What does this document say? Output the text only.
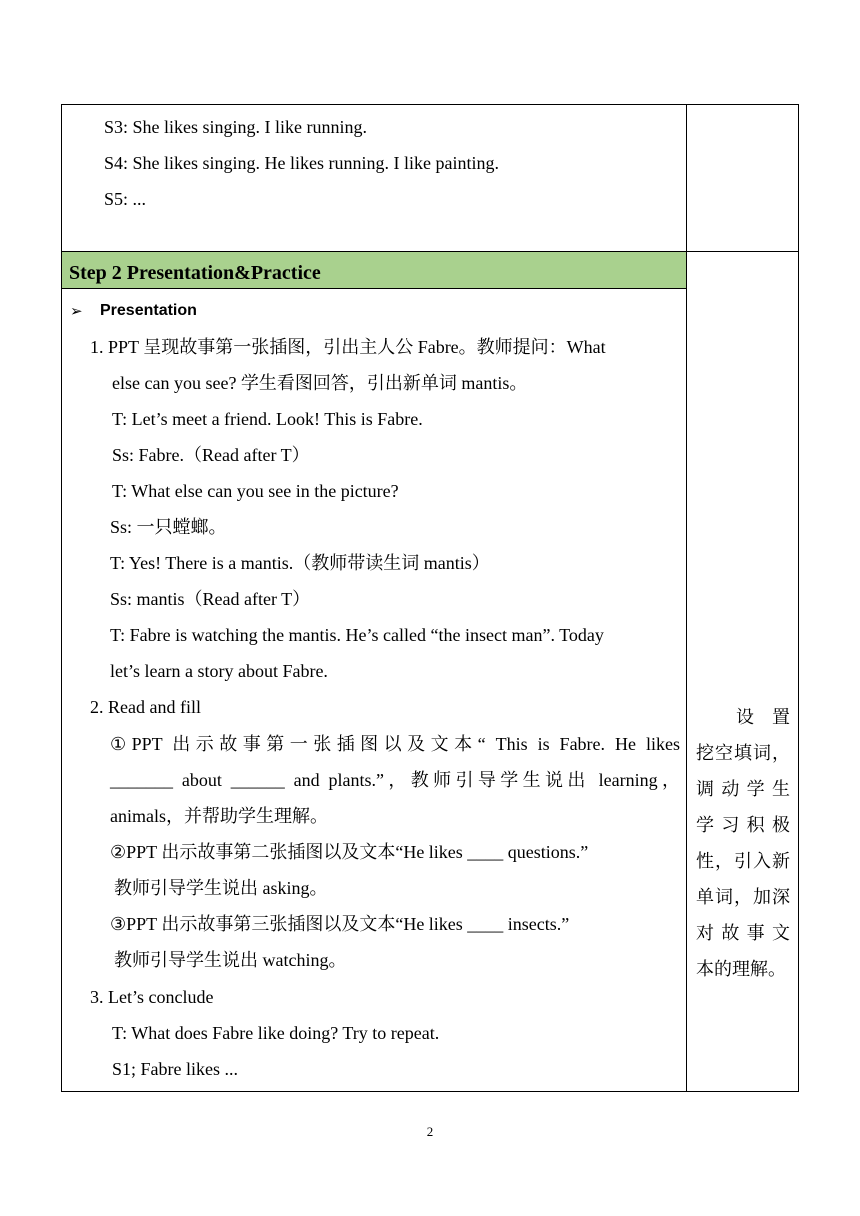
S3: She likes singing. I like running.
S4: She likes singing. He likes running. I like painting.
S5: ...
Step 2 Presentation&Practice
➢ Presentation
1. PPT 呈现故事第一张插图，引出主人公 Fabre。教师提问：What
else can you see? 学生看图回答，引出新单词 mantis。
T: Let’s meet a friend. Look! This is Fabre.
Ss: Fabre.（Read after T）
T: What else can you see in the picture?
Ss: 一只螳螂。
T: Yes! There is a mantis.（教师带读生词 mantis）
Ss: mantis（Read after T）
T: Fabre is watching the mantis. He’s called “the insect man”. Today
let’s learn a story about Fabre.
2. Read and fill
①PPT 出示故事第一张插图以及文本“ This is Fabre. He likes
_______ about ______ and plants.”，教师引导学生说出 learning，
animals，并帮助学生理解。
②PPT 出示故事第二张插图以及文本“He likes ____ questions.”
教师引导学生说出 asking。
③PPT 出示故事第三张插图以及文本“He likes ____ insects.”
教师引导学生说出 watching。
3. Let’s conclude
T: What does Fabre like doing? Try to repeat.
S1; Fabre likes ...
设 置
挖空填词，
调 动 学 生
学 习 积 极
性，引入新
单词，加深
对 故 事 文
本的理解。
2
